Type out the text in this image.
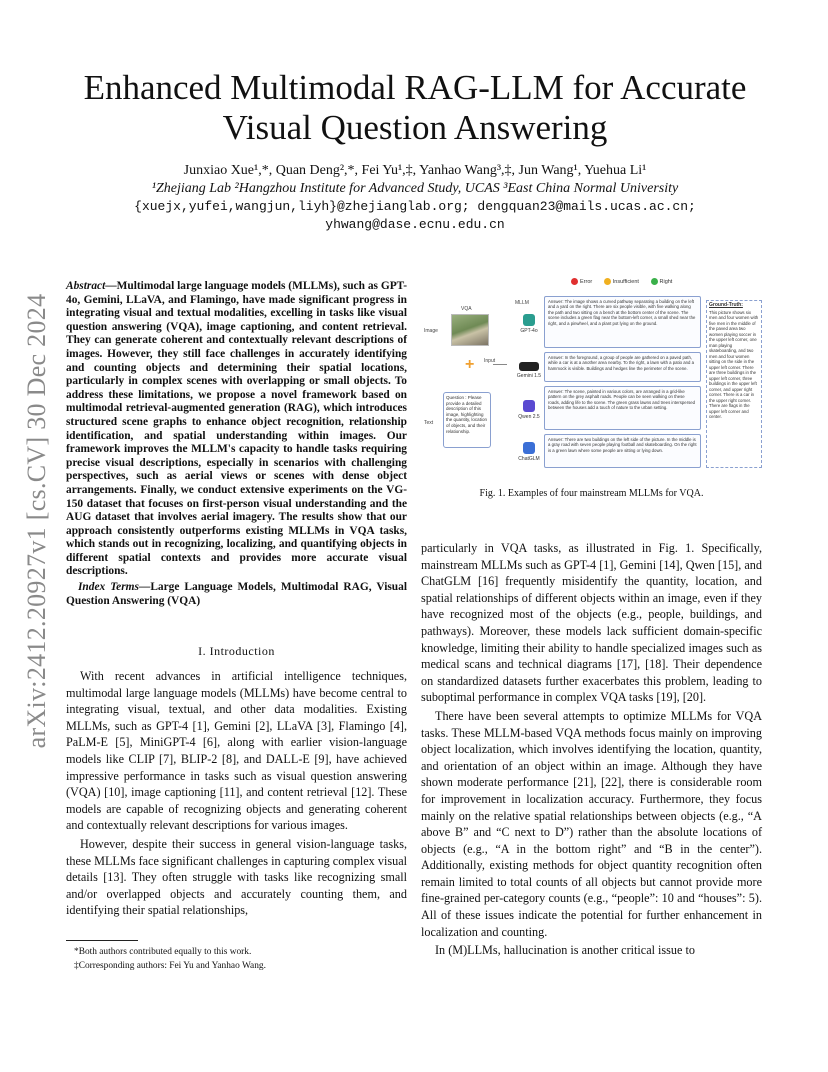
arXiv:2412.20927v1 [cs.CV] 30 Dec 2024
Enhanced Multimodal RAG-LLM for Accurate Visual Question Answering
Junxiao Xue¹,*, Quan Deng²,*, Fei Yu¹,‡, Yanhao Wang³,‡, Jun Wang¹, Yuehua Li¹
¹Zhejiang Lab ²Hangzhou Institute for Advanced Study, UCAS ³East China Normal University
{xuejx,yufei,wangjun,liyh}@zhejianglab.org; dengquan23@mails.ucas.ac.cn;
yhwang@dase.ecnu.edu.cn

Abstract—Multimodal large language models (MLLMs), such as GPT-4o, Gemini, LLaVA, and Flamingo, have made significant progress in integrating visual and textual modalities, excelling in tasks like visual question answering (VQA), image captioning, and content retrieval. They can generate coherent and contextually relevant descriptions of images. However, they still face challenges in accurately identifying and counting objects and determining their spatial locations, particularly in complex scenes with overlapping or small objects. To address these limitations, we propose a novel framework based on multimodal retrieval-augmented generation (RAG), which introduces structured scene graphs to enhance object recognition, relationship identification, and spatial understanding within images. Our framework improves the MLLM's capacity to handle tasks requiring precise visual descriptions, especially in scenarios with challenging perspectives, such as aerial views or scenes with dense object arrangements. Finally, we conduct extensive experiments on the VG-150 dataset that focuses on first-person visual understanding and the AUG dataset that involves aerial imagery. The results show that our approach consistently outperforms existing MLLMs in VQA tasks, which stands out in recognizing, localizing, and quantifying objects in different spatial contexts and provides more accurate visual descriptions.

Index Terms—Large Language Models, Multimodal RAG, Visual Question Answering (VQA)

I. Introduction

With recent advances in artificial intelligence techniques, multimodal large language models (MLLMs) have become central to integrating visual, textual, and other data modalities. Existing MLLMs, such as GPT-4 [1], Gemini [2], LLaVA [3], Flamingo [4], PaLM-E [5], MiniGPT-4 [6], along with earlier vision-language models like CLIP [7], BLIP-2 [8], and DALL-E [9], have achieved impressive performance in tasks such as visual question answering (VQA) [10], image captioning [11], and content retrieval [12]. These models are capable of recognizing objects and generating coherent and contextually relevant descriptions for various images.

However, despite their success in general vision-language tasks, these MLLMs face significant challenges in capturing complex visual details [13]. They often struggle with tasks like recognizing small and/or overlapped objects and accurately counting them, and identifying their spatial relationships,

*Both authors contributed equally to this work.

‡Corresponding authors: Fei Yu and Yanhao Wang.

Error	Insufficient	Right
VQA
MLLM
Image
Text
+ Input
Question : Please provide a detailed description of this image, highlighting the quantity, location of objects, and their relationship.
GPT-4o
Gemini 1.5
Qwen 2.5
ChatGLM
Answer: The image shows a curved pathway separating a building on the left and a yard on the right. There are six people visible, with five walking along the path and two sitting on a bench at the bottom center of the scene. The scene includes a green flag near the bottom-left corner, a small shed near the right, and a pinwheel, and a plant pot lying on the ground.
Answer: In the foreground, a group of people are gathered on a paved path, while a car is at a another area nearby. To the right, a lawn with a patio and a hammock is visible. Buildings and hedges line the perimeter of the scene.
Answer: The scene, painted in various colors, are arranged in a grid-like pattern on the grey asphalt roads. People can be seen walking on these roads, adding life to the scene. The green grass lawns and trees interspersed between the houses add a touch of nature to the urban setting.
Answer: There are two buildings on the left side of the picture. In the middle is a gray road with seven people playing football and skateboarding. On the right is a green lawn where some people are sitting or lying down.
Ground-Truth:
This picture shows six men and four women with five men in the middle of the paved area two women playing soccer in the upper left corner, one man playing skateboarding, and two men and four women sitting on the side in the upper left corner. There are three buildings in the upper left corner, three buildings in the upper left corner, and upper right corner. There is a car in the upper right corner. There are flags in the upper left corner and center.
Fig. 1. Examples of four mainstream MLLMs for VQA.

particularly in VQA tasks, as illustrated in Fig. 1. Specifically, mainstream MLLMs such as GPT-4 [1], Gemini [14], Qwen [15], and ChatGLM [16] frequently misidentify the quantity, location, and spatial relationships of different objects within an image, even if they have recognized most of the objects (e.g., people, buildings, and pathways). Moreover, these models lack sufficient domain-specific knowledge, limiting their ability to handle specialized images such as medical scans and technical diagrams [17], [18]. Their dependence on standardized datasets further exacerbates this problem, leading to suboptimal performance in complex VQA tasks [19], [20].

There have been several attempts to optimize MLLMs for VQA tasks. These MLLM-based VQA methods focus mainly on improving object localization, which involves identifying the location, quantity, and orientation of an object within an image. Although they have shown moderate performance [21], [22], there is considerable room for improvement in localization accuracy. Furthermore, they focus mainly on the relative spatial relationships between objects (e.g., “A above B” and “C next to D”) rather than the absolute locations of objects (e.g., “A in the bottom right” and “B in the center”). Additionally, existing methods for object quantity recognition often remain limited to total counts of all objects but cannot provide more fine-grained per-category counts (e.g., “people”: 10 and “houses”: 5). All of these issues indicate the potential for further enhancement in localization and counting.

In (M)LLMs, hallucination is another critical issue to
